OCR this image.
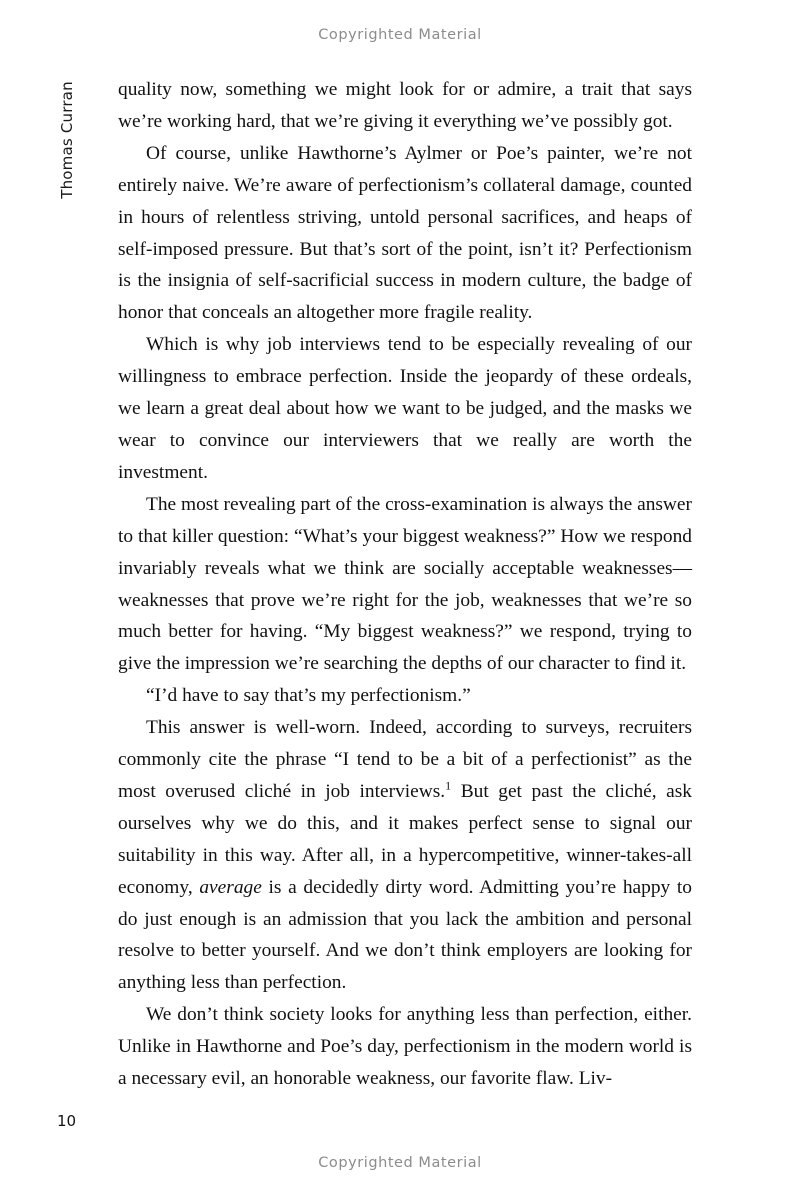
Copyrighted Material
Thomas Curran quality now, something we might look for or admire, a trait that says we’re working hard, that we’re giving it everything we’ve possibly got.

Of course, unlike Hawthorne’s Aylmer or Poe’s painter, we’re not entirely naive. We’re aware of perfectionism’s collateral damage, counted in hours of relentless striving, untold personal sacrifices, and heaps of self-imposed pressure. But that’s sort of the point, isn’t it? Perfectionism is the insignia of self-sacrificial success in modern culture, the badge of honor that conceals an altogether more fragile reality.

Which is why job interviews tend to be especially revealing of our willingness to embrace perfection. Inside the jeopardy of these ordeals, we learn a great deal about how we want to be judged, and the masks we wear to convince our interviewers that we really are worth the investment.

The most revealing part of the cross-examination is always the answer to that killer question: “What’s your biggest weakness?” How we respond invariably reveals what we think are socially acceptable weaknesses—weaknesses that prove we’re right for the job, weaknesses that we’re so much better for having. “My biggest weakness?” we respond, trying to give the impression we’re searching the depths of our character to find it.

“I’d have to say that’s my perfectionism.”

This answer is well-worn. Indeed, according to surveys, recruiters commonly cite the phrase “I tend to be a bit of a perfectionist” as the most overused cliché in job interviews.$^1$ But get past the cliché, ask ourselves why we do this, and it makes perfect sense to signal our suitability in this way. After all, in a hypercompetitive, winner-takes-all economy, average is a decidedly dirty word. Admitting you’re happy to do just enough is an admission that you lack the ambition and personal resolve to better yourself. And we don’t think employers are looking for anything less than perfection.

We don’t think society looks for anything less than perfection, either. Unlike in Hawthorne and Poe’s day, perfectionism in the modern world is a necessary evil, an honorable weakness, our favorite flaw. Liv-

10
Copyrighted Material
